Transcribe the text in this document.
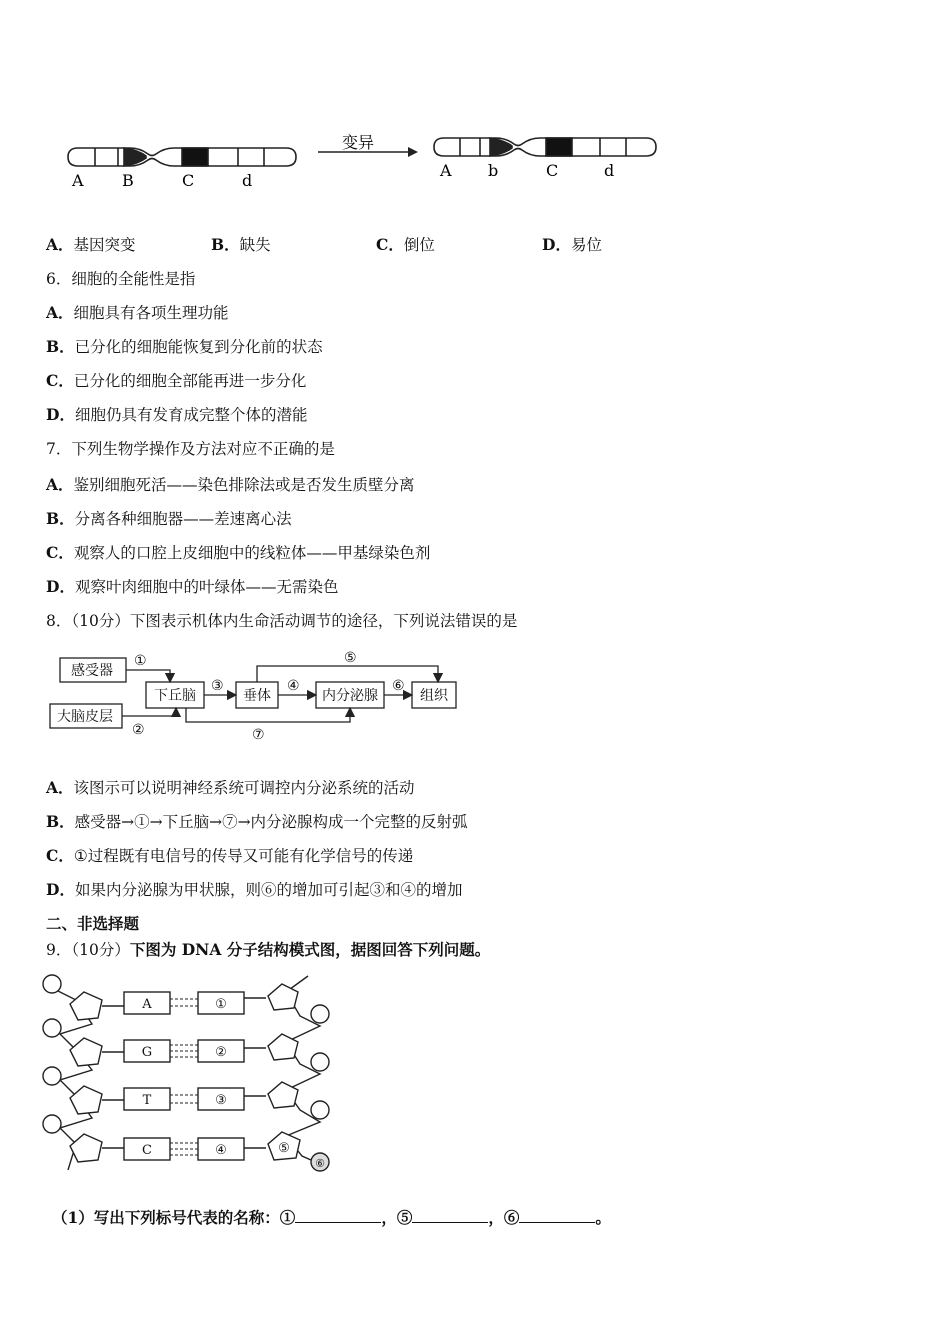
A B	C	d
变异
A b	C	d
A．基因突变	B．缺失	C．倒位	D．易位
6．细胞的全能性是指
A．细胞具有各项生理功能
B．已分化的细胞能恢复到分化前的状态
C．已分化的细胞全部能再进一步分化
D．细胞仍具有发育成完整个体的潜能
7．下列生物学操作及方法对应不正确的是
A．鉴别细胞死活——染色排除法或是否发生质壁分离
B．分离各种细胞器——差速离心法
C．观察人的口腔上皮细胞中的线粒体——甲基绿染色剂
D．观察叶肉细胞中的叶绿体——无需染色
8．（10分）下图表示机体内生命活动调节的途径，下列说法错误的是
感受器
大脑皮层
下丘脑	垂体	内分泌腺	组织
①
②
③	④
⑤
⑥
⑦
A．该图示可以说明神经系统可调控内分泌系统的活动
B．感受器→①→下丘脑→⑦→内分泌腺构成一个完整的反射弧
C．①过程既有电信号的传导又可能有化学信号的传递
D．如果内分泌腺为甲状腺，则⑥的增加可引起③和④的增加
二、非选择题
9．（10分）下图为 DNA 分子结构模式图，据图回答下列问题。
A
G
T
C
①
②
③
④	⑤
⑥
（1）写出下列标号代表的名称：①	，⑤	，⑥	。
